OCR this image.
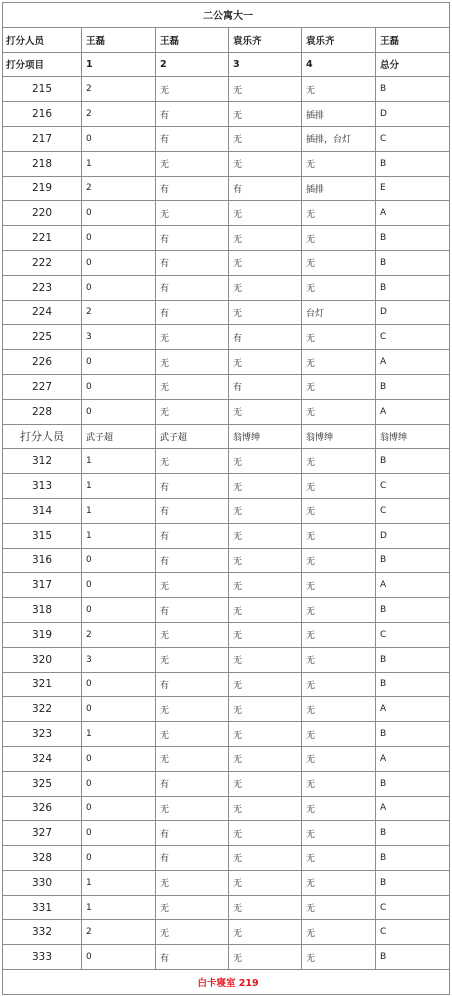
二公寓大一					
打分人员	王磊	王磊	袁乐齐	袁乐齐	王磊
打分项目	1	2	3	4	总分
215	2	无	无	无	B
216	2	有	无	插排	D
217	0	有	无	插排，台灯	C
218	1	无	无	无	B
219	2	有	有	插排	E
220	0	无	无	无	A
221	0	有	无	无	B
222	0	有	无	无	B
223	0	有	无	无	B
224	2	有	无	台灯	D
225	3	无	有	无	C
226	0	无	无	无	A
227	0	无	有	无	B
228	0	无	无	无	A
打分人员	武子超	武子超	翁博绅	翁博绅	翁博绅
312	1	无	无	无	B
313	1	有	无	无	C
314	1	有	无	无	C
315	1	有	无	无	D
316	0	有	无	无	B
317	0	无	无	无	A
318	0	有	无	无	B
319	2	无	无	无	C
320	3	无	无	无	B
321	0	有	无	无	B
322	0	无	无	无	A
323	1	无	无	无	B
324	0	无	无	无	A
325	0	有	无	无	B
326	0	无	无	无	A
327	0	有	无	无	B
328	0	有	无	无	B
330	1	无	无	无	B
331	1	无	无	无	C
332	2	无	无	无	C
333	0	有	无	无	B
白卡寝室 219					
